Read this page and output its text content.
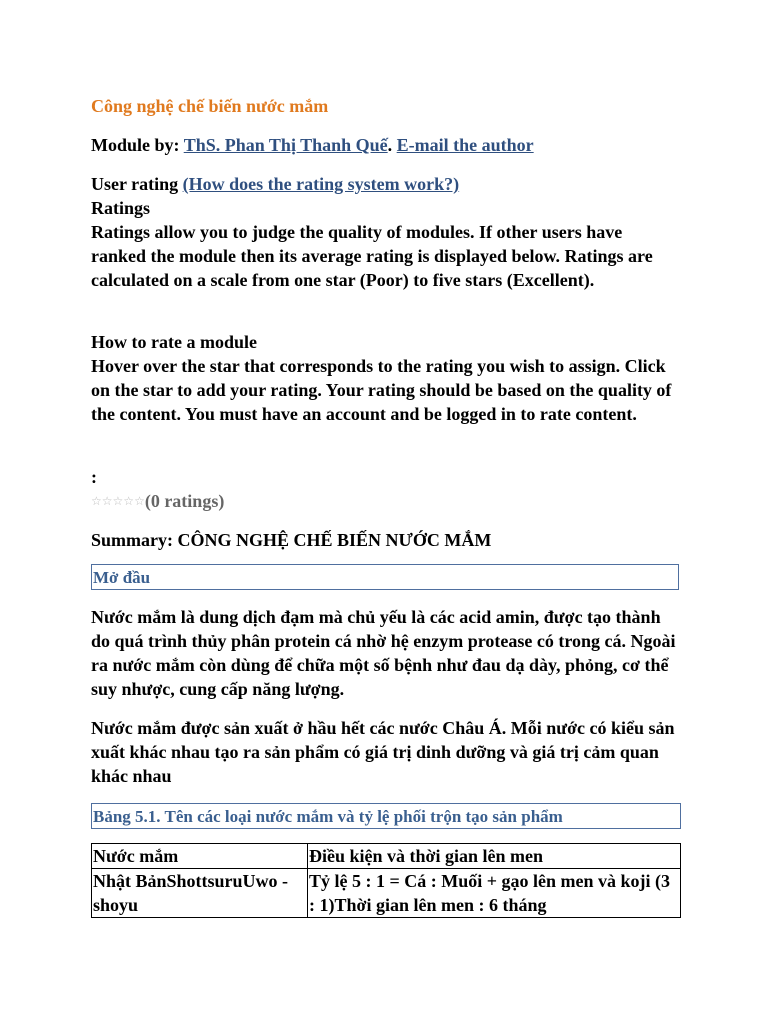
Công nghệ chế biến nước mắm
Module by: ThS. Phan Thị Thanh Quế. E-mail the author
User rating (How does the rating system work?)
Ratings
Ratings allow you to judge the quality of modules. If other users have ranked the module then its average rating is displayed below. Ratings are calculated on a scale from one star (Poor) to five stars (Excellent).
How to rate a module
Hover over the star that corresponds to the rating you wish to assign. Click on the star to add your rating. Your rating should be based on the quality of the content. You must have an account and be logged in to rate content.
:
☆☆☆☆☆(0 ratings)
Summary: CÔNG NGHỆ CHẾ BIẾN NƯỚC MẮM
Mở đầu
Nước mắm là dung dịch đạm mà chủ yếu là các acid amin, được tạo thành do quá trình thủy phân protein cá nhờ hệ enzym protease có trong cá. Ngoài ra nước mắm còn dùng để chữa một số bệnh như đau dạ dày, phỏng, cơ thể suy nhược, cung cấp năng lượng.
Nước mắm được sản xuất ở hầu hết các nước Châu Á. Mỗi nước có kiểu sản xuất khác nhau tạo ra sản phẩm có giá trị dinh dưỡng và giá trị cảm quan khác nhau
Bảng 5.1. Tên các loại nước mắm và tỷ lệ phối trộn tạo sản phẩm
Nước mắm	Điều kiện và thời gian lên men
Nhật BảnShottsuruUwo - shoyu	Tỷ lệ 5 : 1 = Cá : Muối + gạo lên men và koji (3 : 1)Thời gian lên men : 6 tháng
